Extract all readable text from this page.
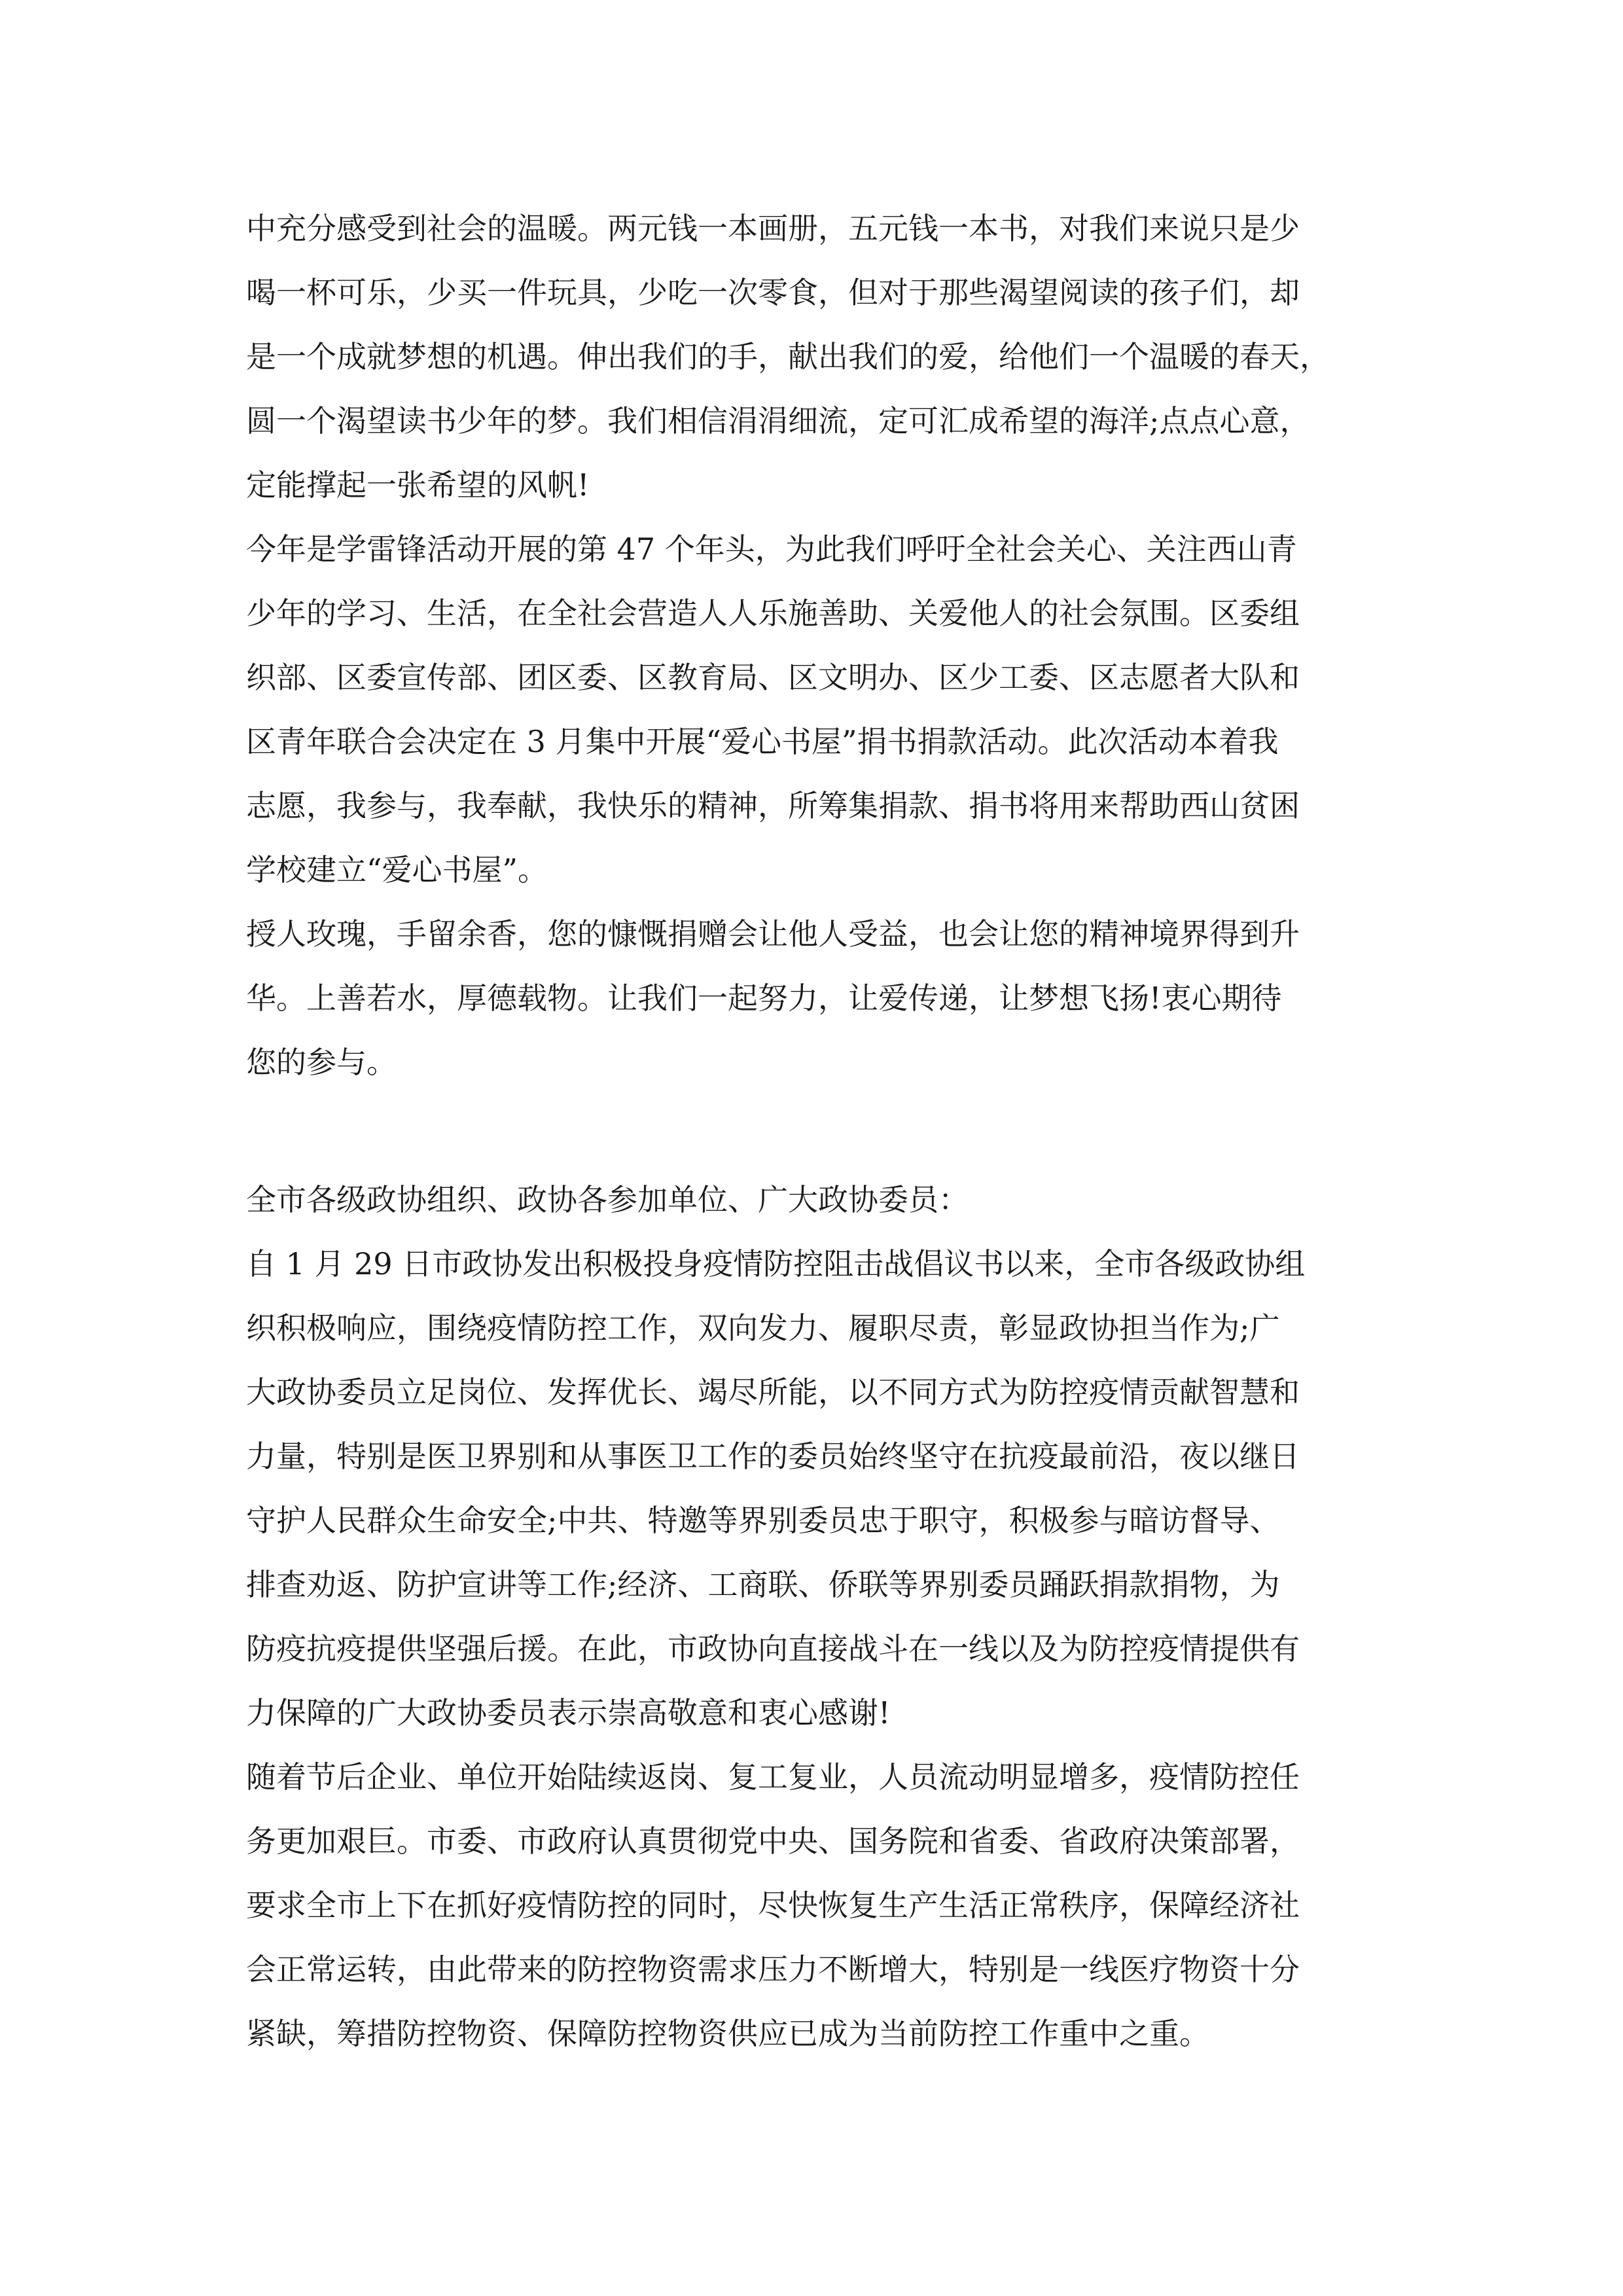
中充分感受到社会的温暖。两元钱一本画册，五元钱一本书，对我们来说只是少
喝一杯可乐，少买一件玩具，少吃一次零食，但对于那些渴望阅读的孩子们，却
是一个成就梦想的机遇。伸出我们的手，献出我们的爱，给他们一个温暖的春天，
圆一个渴望读书少年的梦。我们相信涓涓细流，定可汇成希望的海洋;点点心意，
定能撑起一张希望的风帆!
今年是学雷锋活动开展的第 47 个年头，为此我们呼吁全社会关心、关注西山青
少年的学习、生活，在全社会营造人人乐施善助、关爱他人的社会氛围。区委组
织部、区委宣传部、团区委、区教育局、区文明办、区少工委、区志愿者大队和
区青年联合会决定在 3 月集中开展“爱心书屋”捐书捐款活动。此次活动本着我
志愿，我参与，我奉献，我快乐的精神，所筹集捐款、捐书将用来帮助西山贫困
学校建立“爱心书屋”。
授人玫瑰，手留余香，您的慷慨捐赠会让他人受益，也会让您的精神境界得到升
华。上善若水，厚德载物。让我们一起努力，让爱传递，让梦想飞扬!衷心期待
您的参与。
全市各级政协组织、政协各参加单位、广大政协委员：
自 1 月 29 日市政协发出积极投身疫情防控阻击战倡议书以来，全市各级政协组
织积极响应，围绕疫情防控工作，双向发力、履职尽责，彰显政协担当作为;广
大政协委员立足岗位、发挥优长、竭尽所能，以不同方式为防控疫情贡献智慧和
力量，特别是医卫界别和从事医卫工作的委员始终坚守在抗疫最前沿，夜以继日
守护人民群众生命安全;中共、特邀等界别委员忠于职守，积极参与暗访督导、
排查劝返、防护宣讲等工作;经济、工商联、侨联等界别委员踊跃捐款捐物，为
防疫抗疫提供坚强后援。在此，市政协向直接战斗在一线以及为防控疫情提供有
力保障的广大政协委员表示崇高敬意和衷心感谢!
随着节后企业、单位开始陆续返岗、复工复业，人员流动明显增多，疫情防控任
务更加艰巨。市委、市政府认真贯彻党中央、国务院和省委、省政府决策部署，
要求全市上下在抓好疫情防控的同时，尽快恢复生产生活正常秩序，保障经济社
会正常运转，由此带来的防控物资需求压力不断增大，特别是一线医疗物资十分
紧缺，筹措防控物资、保障防控物资供应已成为当前防控工作重中之重。
